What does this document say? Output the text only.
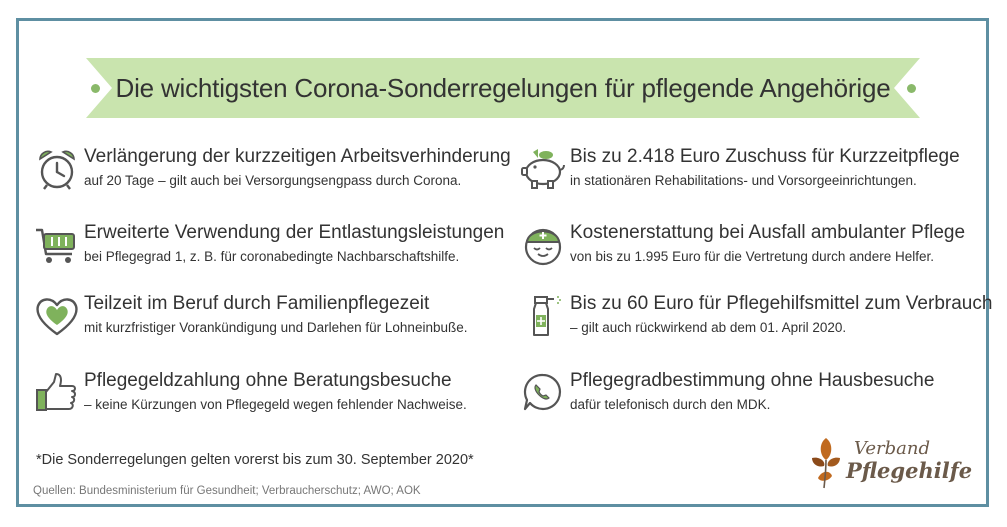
Die wichtigsten Corona-Sonderregelungen für pflegende Angehörige
Verlängerung der kurzzeitigen Arbeitsverhinderung
auf 20 Tage – gilt auch bei Versorgungsengpass durch Corona.
Erweiterte Verwendung der Entlastungsleistungen
bei Pflegegrad 1, z. B. für coronabedingte Nachbarschaftshilfe.
Teilzeit im Beruf durch Familienpflegezeit
mit kurzfristiger Vorankündigung und Darlehen für Lohneinbuße.
Pflegegeldzahlung ohne Beratungsbesuche
– keine Kürzungen von Pflegegeld wegen fehlender Nachweise.
Bis zu 2.418 Euro Zuschuss für Kurzzeitpflege
in stationären Rehabilitations- und Vorsorgeeinrichtungen.
Kostenerstattung bei Ausfall ambulanter Pflege
von bis zu 1.995 Euro für die Vertretung durch andere Helfer.
Bis zu 60 Euro für Pflegehilfsmittel zum Verbrauch
– gilt auch rückwirkend ab dem 01. April 2020.
Pflegegradbestimmung ohne Hausbesuche
dafür telefonisch durch den MDK.
*Die Sonderregelungen gelten vorerst bis zum 30. September 2020*
Quellen: Bundesministerium für Gesundheit; Verbraucherschutz; AWO; AOK
Verband
Pflegehilfe
